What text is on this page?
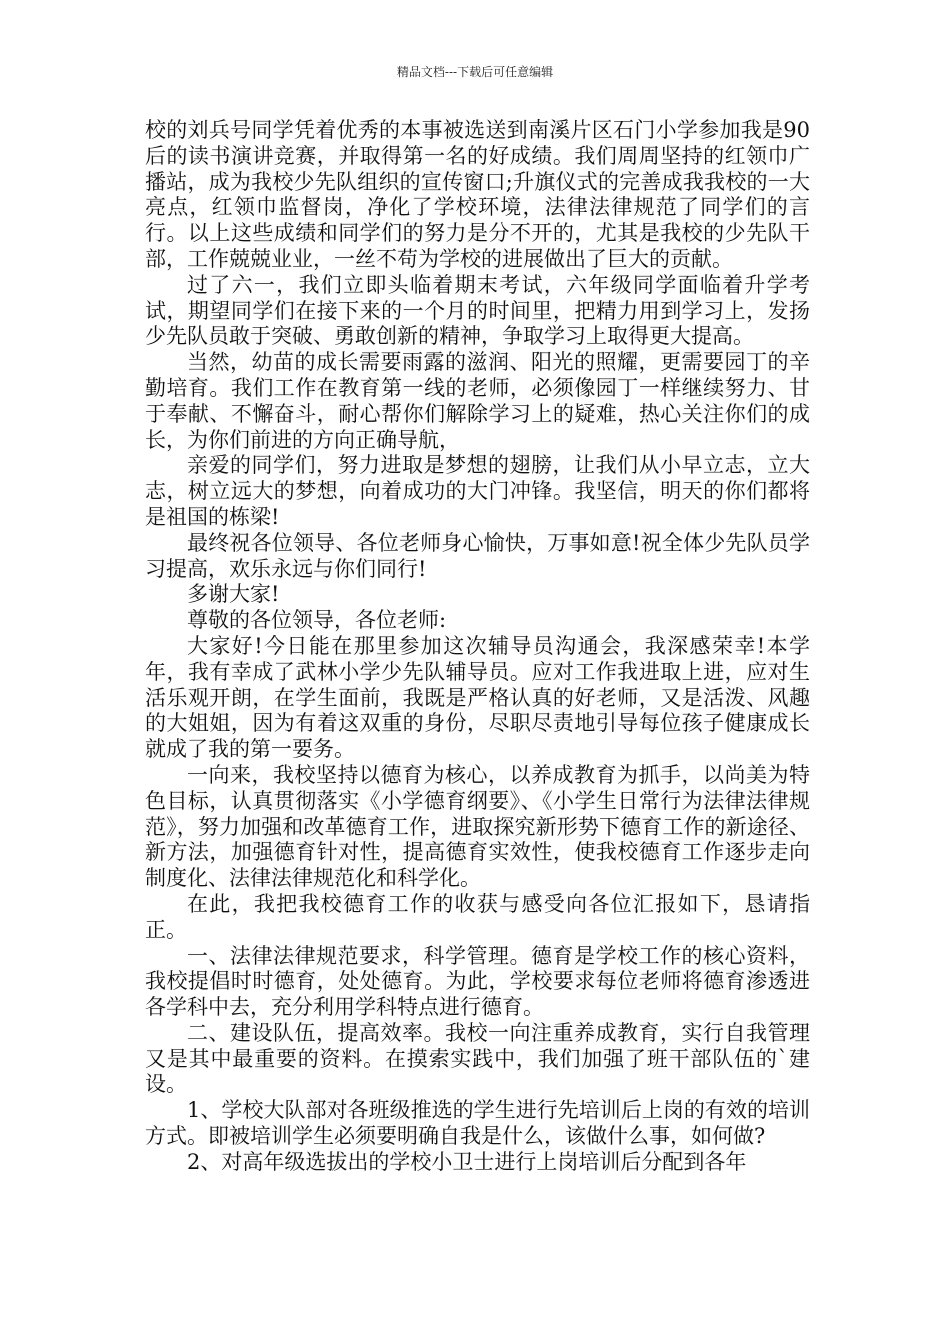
精品文档---下载后可任意编辑

校的刘兵号同学凭着优秀的本事被选送到南溪片区石门小学参加我是90后的读书演讲竞赛，并取得第一名的好成绩。我们周周坚持的红领巾广播站，成为我校少先队组织的宣传窗口;升旗仪式的完善成我我校的一大亮点，红领巾监督岗，净化了学校环境，法律法律规范了同学们的言行。以上这些成绩和同学们的努力是分不开的，尤其是我校的少先队干部，工作兢兢业业，一丝不苟为学校的进展做出了巨大的贡献。

过了六一，我们立即头临着期末考试，六年级同学面临着升学考试，期望同学们在接下来的一个月的时间里，把精力用到学习上，发扬少先队员敢于突破、勇敢创新的精神，争取学习上取得更大提高。

当然，幼苗的成长需要雨露的滋润、阳光的照耀，更需要园丁的辛勤培育。我们工作在教育第一线的老师，必须像园丁一样继续努力、甘于奉献、不懈奋斗，耐心帮你们解除学习上的疑难，热心关注你们的成长，为你们前进的方向正确导航，

亲爱的同学们，努力进取是梦想的翅膀，让我们从小早立志，立大志，树立远大的梦想，向着成功的大门冲锋。我坚信，明天的你们都将是祖国的栋梁!

最终祝各位领导、各位老师身心愉快，万事如意!祝全体少先队员学习提高，欢乐永远与你们同行!

多谢大家!

尊敬的各位领导，各位老师:

大家好!今日能在那里参加这次辅导员沟通会，我深感荣幸!本学年，我有幸成了武林小学少先队辅导员。应对工作我进取上进，应对生活乐观开朗，在学生面前，我既是严格认真的好老师，又是活泼、风趣的大姐姐，因为有着这双重的身份，尽职尽责地引导每位孩子健康成长就成了我的第一要务。

一向来，我校坚持以德育为核心，以养成教育为抓手，以尚美为特色目标，认真贯彻落实《小学德育纲要》、《小学生日常行为法律法律规范》，努力加强和改革德育工作，进取探究新形势下德育工作的新途径、新方法，加强德育针对性，提高德育实效性，使我校德育工作逐步走向制度化、法律法律规范化和科学化。

在此，我把我校德育工作的收获与感受向各位汇报如下，恳请指正。

一、法律法律规范要求，科学管理。德育是学校工作的核心资料，我校提倡时时德育，处处德育。为此，学校要求每位老师将德育渗透进各学科中去，充分利用学科特点进行德育。

二、建设队伍，提高效率。我校一向注重养成教育，实行自我管理又是其中最重要的资料。在摸索实践中，我们加强了班干部队伍的`建设。

1、学校大队部对各班级推选的学生进行先培训后上岗的有效的培训方式。即被培训学生必须要明确自我是什么，该做什么事，如何做?

2、对高年级选拔出的学校小卫士进行上岗培训后分配到各年
